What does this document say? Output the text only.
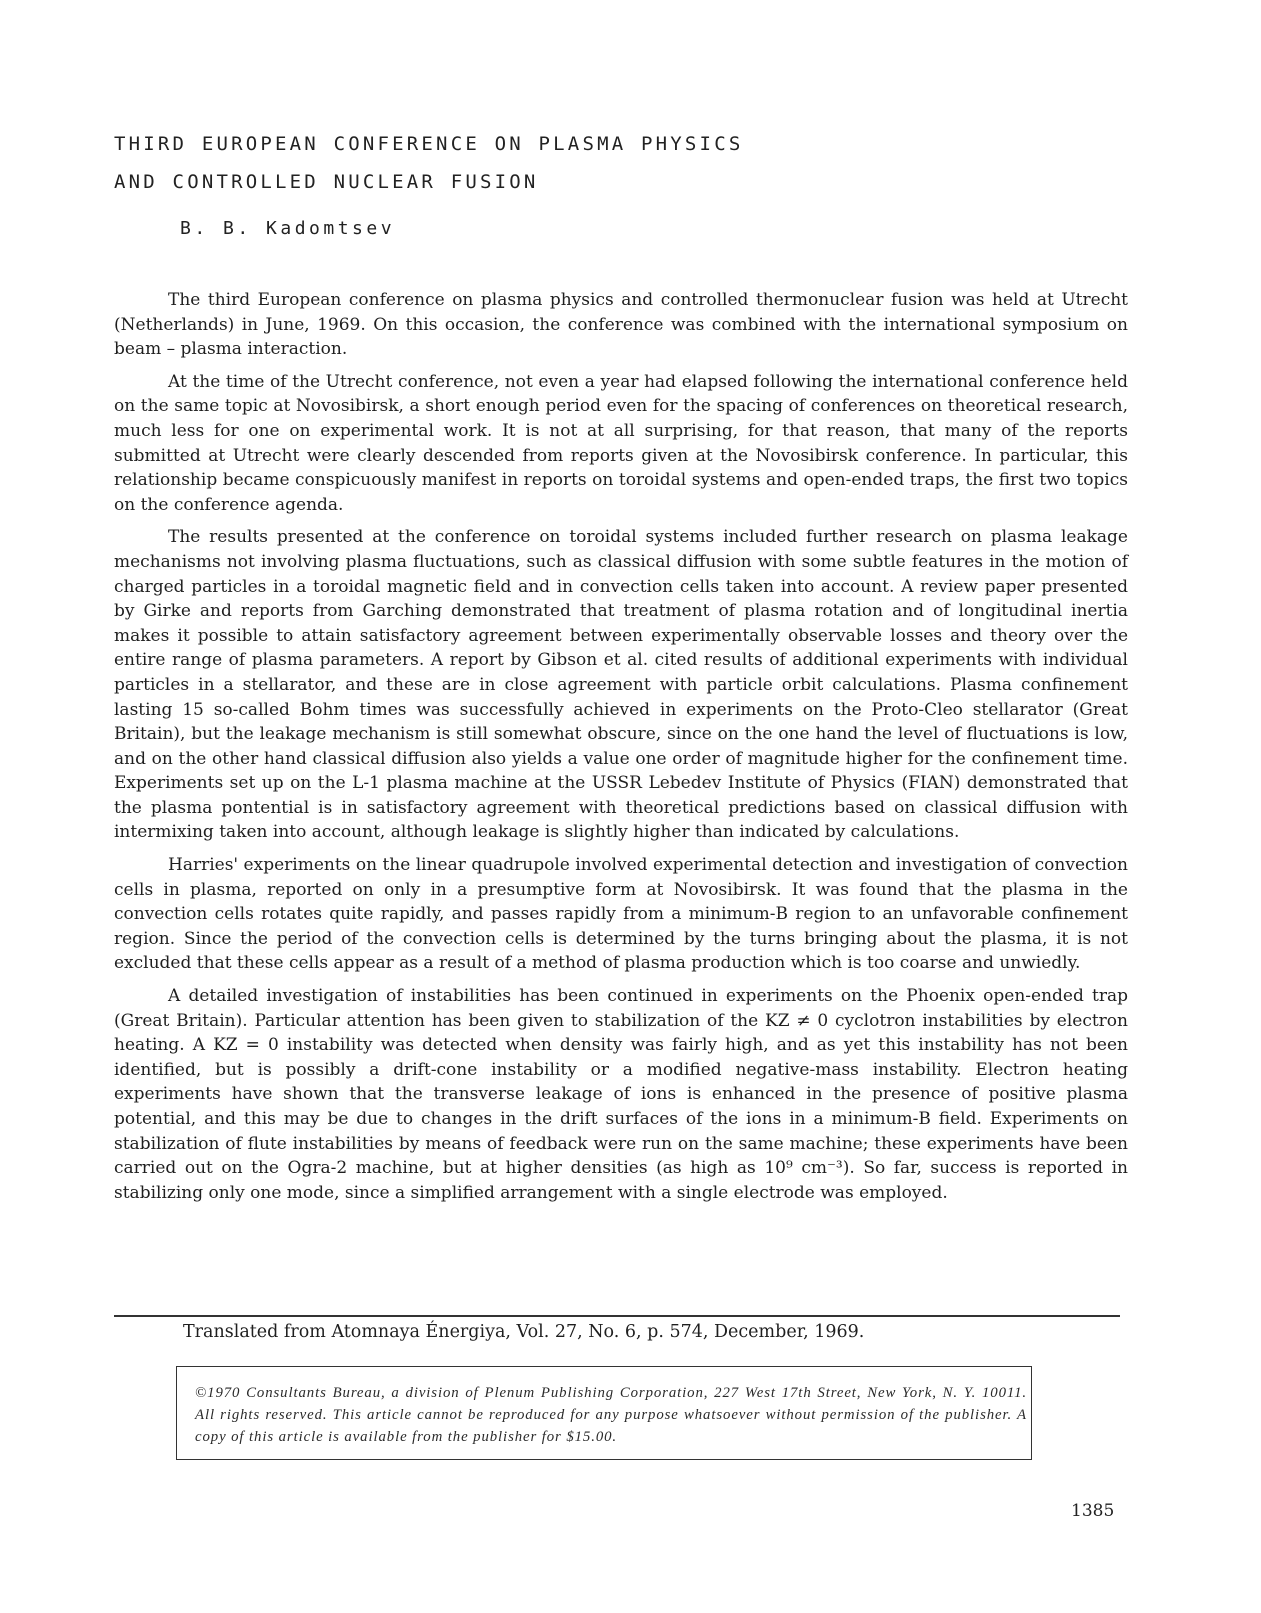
THIRD EUROPEAN CONFERENCE ON PLASMA PHYSICS
AND CONTROLLED NUCLEAR FUSION
B. B. Kadomtsev

The third European conference on plasma physics and controlled thermonuclear fusion was held at Utrecht (Netherlands) in June, 1969. On this occasion, the conference was combined with the international symposium on beam – plasma interaction.

At the time of the Utrecht conference, not even a year had elapsed following the international conference held on the same topic at Novosibirsk, a short enough period even for the spacing of conferences on theoretical research, much less for one on experimental work. It is not at all surprising, for that reason, that many of the reports submitted at Utrecht were clearly descended from reports given at the Novosibirsk conference. In particular, this relationship became conspicuously manifest in reports on toroidal systems and open-ended traps, the first two topics on the conference agenda.

The results presented at the conference on toroidal systems included further research on plasma leakage mechanisms not involving plasma fluctuations, such as classical diffusion with some subtle features in the motion of charged particles in a toroidal magnetic field and in convection cells taken into account. A review paper presented by Girke and reports from Garching demonstrated that treatment of plasma rotation and of longitudinal inertia makes it possible to attain satisfactory agreement between experimentally observable losses and theory over the entire range of plasma parameters. A report by Gibson et al. cited results of additional experiments with individual particles in a stellarator, and these are in close agreement with particle orbit calculations. Plasma confinement lasting 15 so-called Bohm times was successfully achieved in experiments on the Proto-Cleo stellarator (Great Britain), but the leakage mechanism is still somewhat obscure, since on the one hand the level of fluctuations is low, and on the other hand classical diffusion also yields a value one order of magnitude higher for the confinement time. Experiments set up on the L-1 plasma machine at the USSR Lebedev Institute of Physics (FIAN) demonstrated that the plasma pontential is in satisfactory agreement with theoretical predictions based on classical diffusion with intermixing taken into account, although leakage is slightly higher than indicated by calculations.

Harries' experiments on the linear quadrupole involved experimental detection and investigation of convection cells in plasma, reported on only in a presumptive form at Novosibirsk. It was found that the plasma in the convection cells rotates quite rapidly, and passes rapidly from a minimum-B region to an unfavorable confinement region. Since the period of the convection cells is determined by the turns bringing about the plasma, it is not excluded that these cells appear as a result of a method of plasma production which is too coarse and unwiedly.

A detailed investigation of instabilities has been continued in experiments on the Phoenix open-ended trap (Great Britain). Particular attention has been given to stabilization of the KZ ≠ 0 cyclotron instabilities by electron heating. A KZ = 0 instability was detected when density was fairly high, and as yet this instability has not been identified, but is possibly a drift-cone instability or a modified negative-mass instability. Electron heating experiments have shown that the transverse leakage of ions is enhanced in the presence of positive plasma potential, and this may be due to changes in the drift surfaces of the ions in a minimum-B field. Experiments on stabilization of flute instabilities by means of feedback were run on the same machine; these experiments have been carried out on the Ogra-2 machine, but at higher densities (as high as 10⁹ cm⁻³). So far, success is reported in stabilizing only one mode, since a simplified arrangement with a single electrode was employed.

Translated from Atomnaya Énergiya, Vol. 27, No. 6, p. 574, December, 1969.
©1970 Consultants Bureau, a division of Plenum Publishing Corporation, 227 West 17th Street, New York, N. Y. 10011. All rights reserved. This article cannot be reproduced for any purpose whatsoever without permission of the publisher. A copy of this article is available from the publisher for $15.00.
1385
